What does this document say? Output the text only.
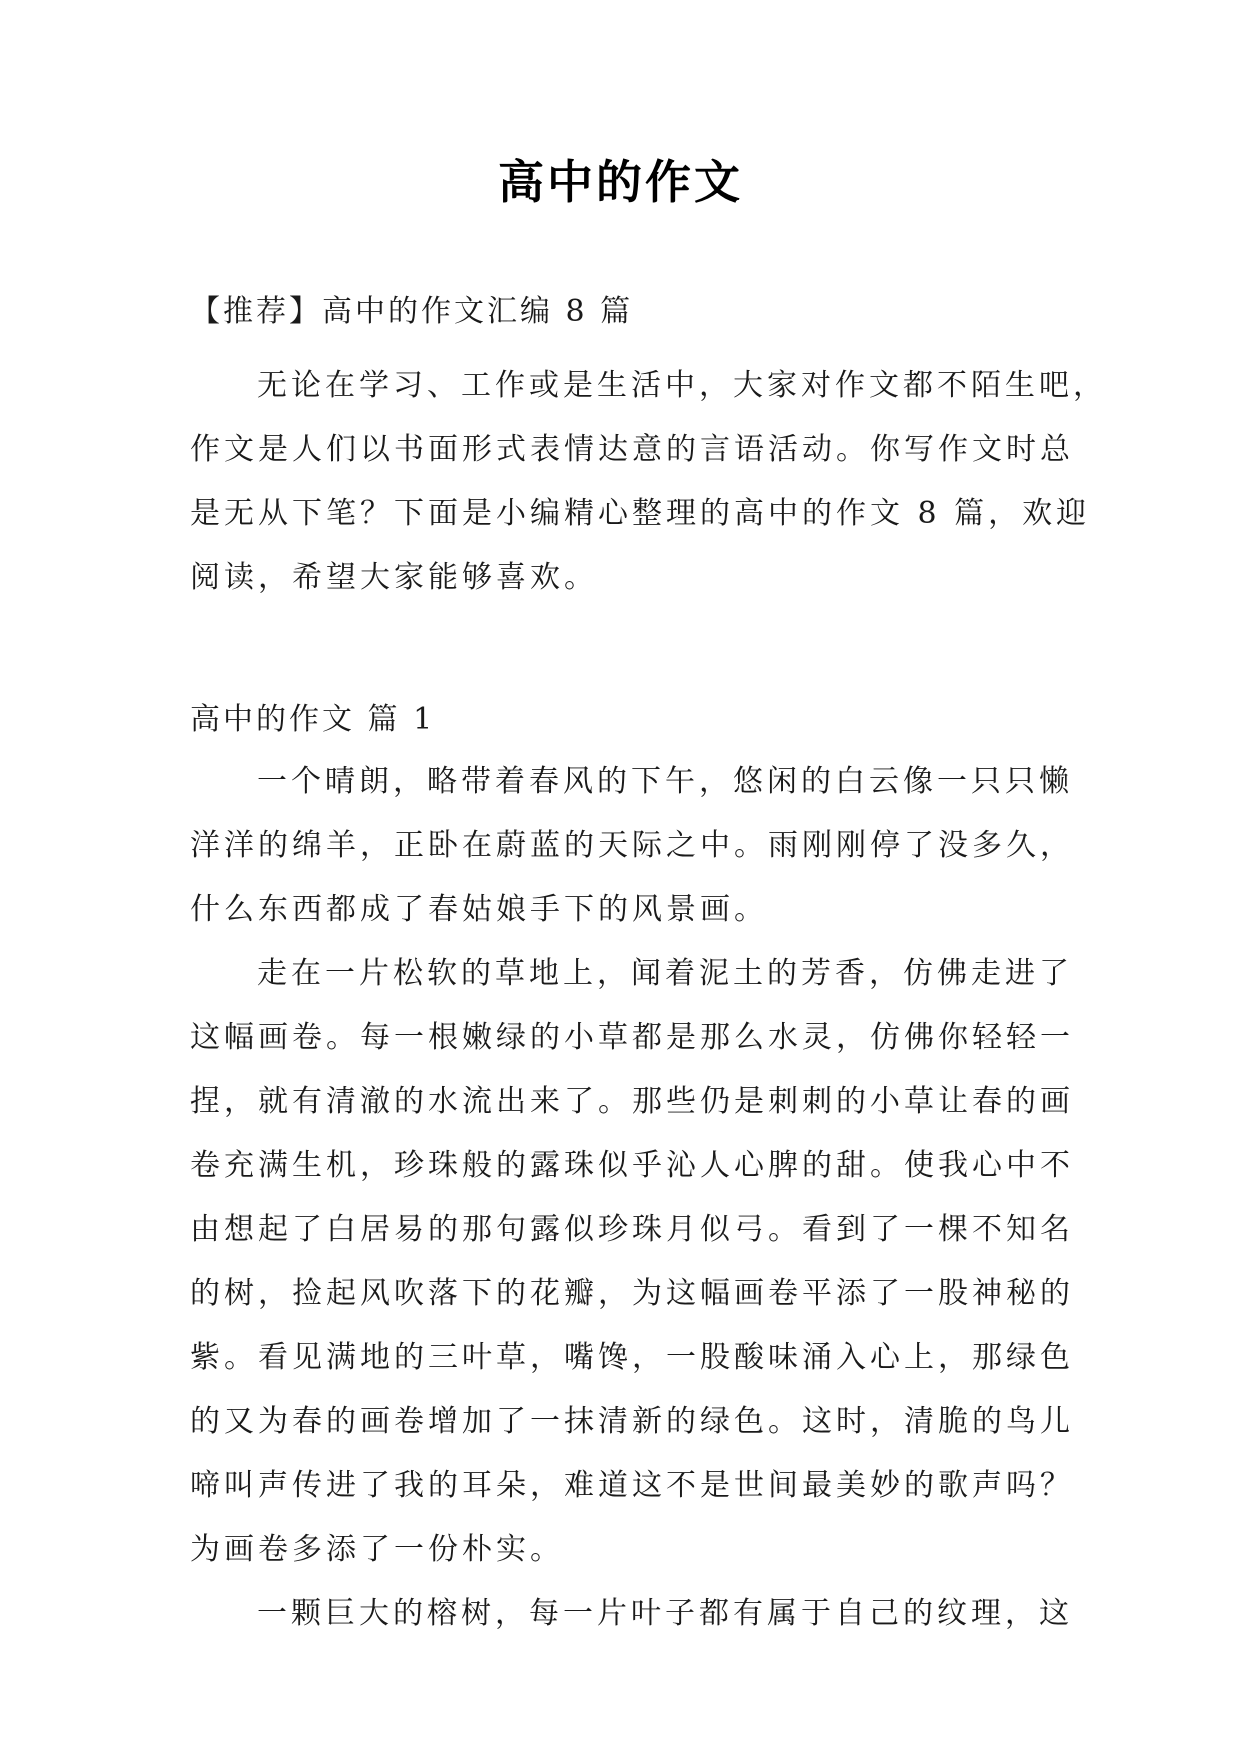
高中的作文
【推荐】高中的作文汇编 8 篇
无论在学习、工作或是生活中，大家对作文都不陌生吧，
作文是人们以书面形式表情达意的言语活动。你写作文时总
是无从下笔？下面是小编精心整理的高中的作文 8 篇，欢迎
阅读，希望大家能够喜欢。
高中的作文 篇 1
一个晴朗，略带着春风的下午，悠闲的白云像一只只懒
洋洋的绵羊，正卧在蔚蓝的天际之中。雨刚刚停了没多久，
什么东西都成了春姑娘手下的风景画。
走在一片松软的草地上，闻着泥土的芳香，仿佛走进了
这幅画卷。每一根嫩绿的小草都是那么水灵，仿佛你轻轻一
捏，就有清澈的水流出来了。那些仍是刺刺的小草让春的画
卷充满生机，珍珠般的露珠似乎沁人心脾的甜。使我心中不
由想起了白居易的那句露似珍珠月似弓。看到了一棵不知名
的树，捡起风吹落下的花瓣，为这幅画卷平添了一股神秘的
紫。看见满地的三叶草，嘴馋，一股酸味涌入心上，那绿色
的又为春的画卷增加了一抹清新的绿色。这时，清脆的鸟儿
啼叫声传进了我的耳朵，难道这不是世间最美妙的歌声吗？
为画卷多添了一份朴实。
一颗巨大的榕树，每一片叶子都有属于自己的纹理，这
